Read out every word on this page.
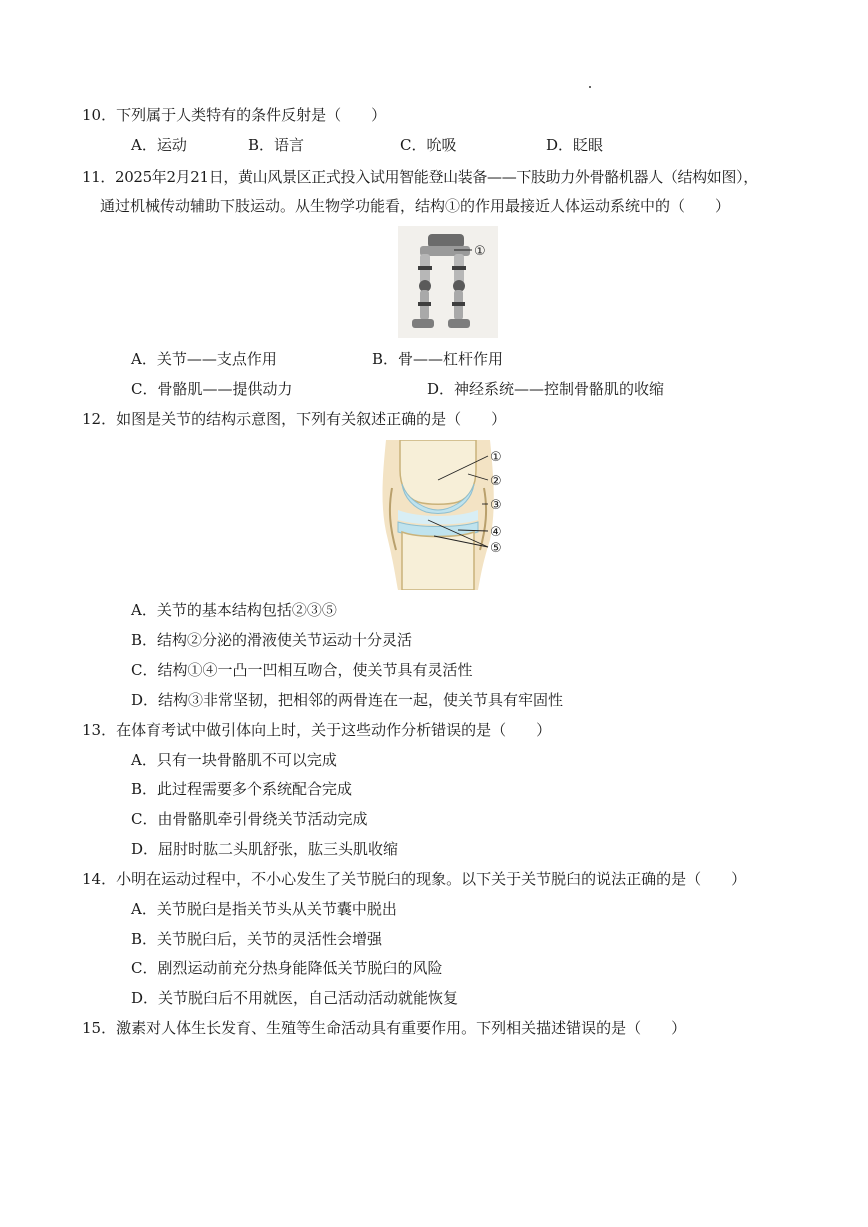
10．下列属于人类特有的条件反射是（　　）
A．运动	B．语言	C．吮吸	D．眨眼
11．2025年2月21日，黄山风景区正式投入试用智能登山装备——下肢助力外骨骼机器人（结构如图），
通过机械传动辅助下肢运动。从生物学功能看，结构①的作用最接近人体运动系统中的（　　）
①
A．关节——支点作用	B．骨——杠杆作用
C．骨骼肌——提供动力	D．神经系统——控制骨骼肌的收缩
12．如图是关节的结构示意图，下列有关叙述正确的是（　　）
①
②
③
④
⑤
A．关节的基本结构包括②③⑤
B．结构②分泌的滑液使关节运动十分灵活
C．结构①④一凸一凹相互吻合，使关节具有灵活性
D．结构③非常坚韧，把相邻的两骨连在一起，使关节具有牢固性
13．在体育考试中做引体向上时，关于这些动作分析错误的是（　　）
A．只有一块骨骼肌不可以完成
B．此过程需要多个系统配合完成
C．由骨骼肌牵引骨绕关节活动完成
D．屈肘时肱二头肌舒张，肱三头肌收缩
14．小明在运动过程中，不小心发生了关节脱臼的现象。以下关于关节脱臼的说法正确的是（　　）
A．关节脱臼是指关节头从关节囊中脱出
B．关节脱臼后，关节的灵活性会增强
C．剧烈运动前充分热身能降低关节脱臼的风险
D．关节脱臼后不用就医，自己活动活动就能恢复
15．激素对人体生长发育、生殖等生命活动具有重要作用。下列相关描述错误的是（　　）
